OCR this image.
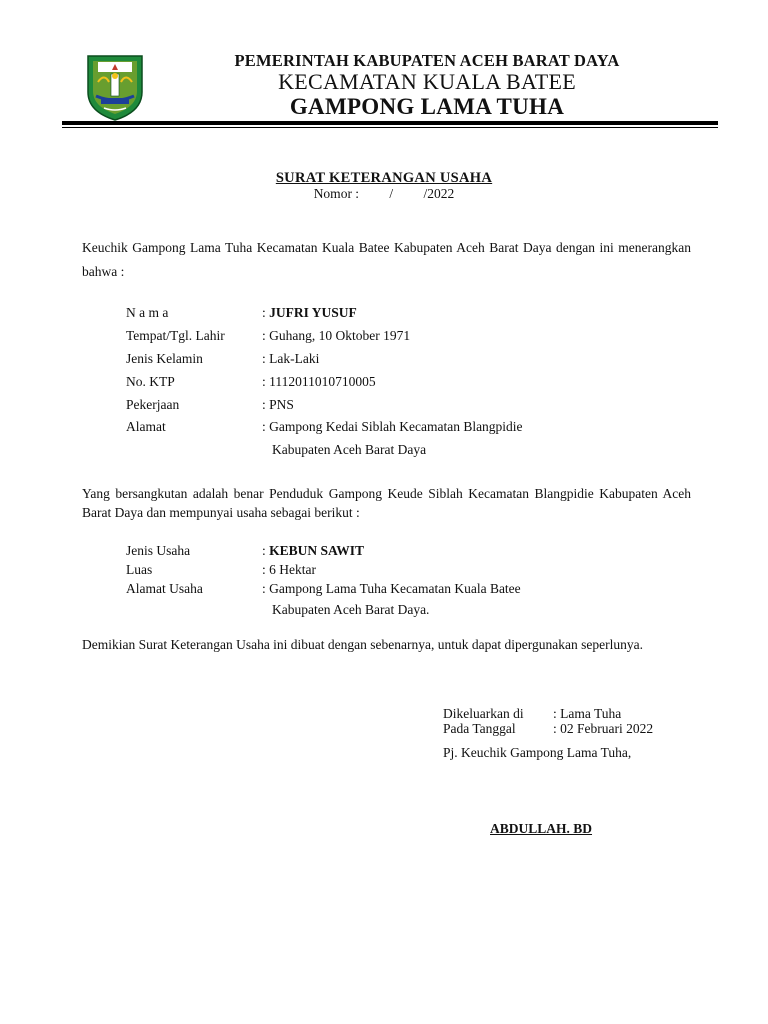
PEMERINTAH KABUPATEN ACEH BARAT DAYA
KECAMATAN KUALA BATEE
GAMPONG LAMA TUHA
SURAT KETERANGAN USAHA
Nomor :         /         /2022
Keuchik Gampong Lama Tuha Kecamatan Kuala Batee Kabupaten Aceh Barat Daya dengan ini menerangkan bahwa :
N a m a	: JUFRI YUSUF
Tempat/Tgl. Lahir	: Guhang, 10 Oktober 1971
Jenis Kelamin	: Lak-Laki
No. KTP	: 1112011010710005
Pekerjaan	: PNS
Alamat	: Gampong Kedai Siblah Kecamatan Blangpidie
Kabupaten Aceh Barat Daya
Yang bersangkutan adalah benar Penduduk Gampong Keude Siblah Kecamatan Blangpidie Kabupaten Aceh Barat Daya dan mempunyai usaha sebagai berikut :
Jenis Usaha	: KEBUN SAWIT
Luas	: 6 Hektar
Alamat Usaha	: Gampong Lama Tuha Kecamatan Kuala Batee
Kabupaten Aceh Barat Daya.
Demikian Surat Keterangan Usaha ini dibuat dengan sebenarnya, untuk dapat dipergunakan seperlunya.
Dikeluarkan di : Lama Tuha
Pada Tanggal	: 02 Februari 2022
Pj. Keuchik Gampong Lama Tuha,
ABDULLAH. BD
